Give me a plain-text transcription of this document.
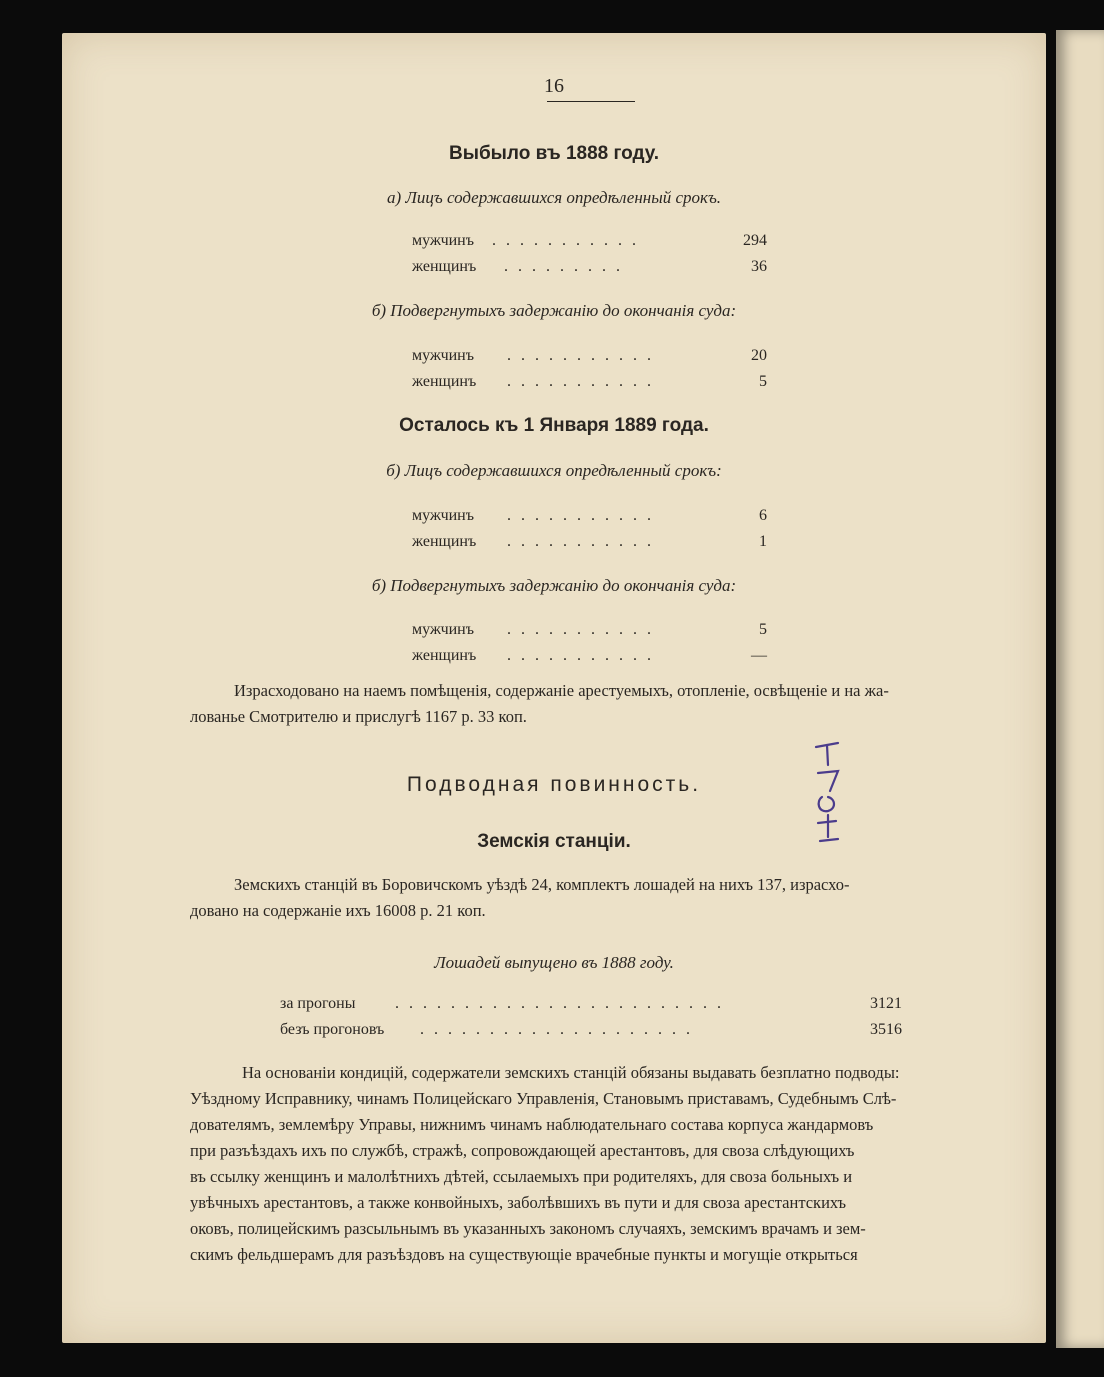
16
Выбыло въ 1888 году.
а) Лицъ содержавшихся опредѣленный срокъ.
мужчинъ . . . . . . . . . . .	294
женщинъ . . . . . . . . .	36
б) Подвергнутыхъ задержанію до окончанія суда:
мужчинъ . . . . . . . . . . .	20
женщинъ . . . . . . . . . . .	5
Осталось къ 1 Января 1889 года.
б) Лицъ содержавшихся опредѣленный срокъ:
мужчинъ . . . . . . . . . . .	6
женщинъ . . . . . . . . . . .	1
б) Подвергнутыхъ задержанію до окончанія суда:
мужчинъ . . . . . . . . . . .	5
женщинъ . . . . . . . . . . .	—
Израсходовано на наемъ помѣщенія, содержаніе арестуемыхъ, отопленіе, освѣщеніе и на жа-
лованье Смотрителю и прислугѣ 1167 р. 33 коп.
Подводная повинность.
Земскія станціи.
Земскихъ станцій въ Боровичскомъ уѣздѣ 24, комплектъ лошадей на нихъ 137, израсхо-
довано на содержаніе ихъ 16008 р. 21 коп.
Лошадей выпущено въ 1888 году.
за прогоны . . . . . . . . . . . . . . . . . . . . . . . .	3121
безъ прогоновъ . . . . . . . . . . . . . . . . . . . .	3516
На основаніи кондицій, содержатели земскихъ станцій обязаны выдавать безплатно подводы:
Уѣздному Исправнику, чинамъ Полицейскаго Управленія, Становымъ приставамъ, Судебнымъ Слѣ-
дователямъ, землемѣру Управы, нижнимъ чинамъ наблюдательнаго состава корпуса жандармовъ
при разъѣздахъ ихъ по службѣ, стражѣ, сопровождающей арестантовъ, для своза слѣдующихъ
въ ссылку женщинъ и малолѣтнихъ дѣтей, ссылаемыхъ при родителяхъ, для своза больныхъ и
увѣчныхъ арестантовъ, а также конвойныхъ, заболѣвшихъ въ пути и для своза арестантскихъ
оковъ, полицейскимъ разсыльнымъ въ указанныхъ закономъ случаяхъ, земскимъ врачамъ и зем-
скимъ фельдшерамъ для разъѣздовъ на существующіе врачебные пункты и могущіе открыться
